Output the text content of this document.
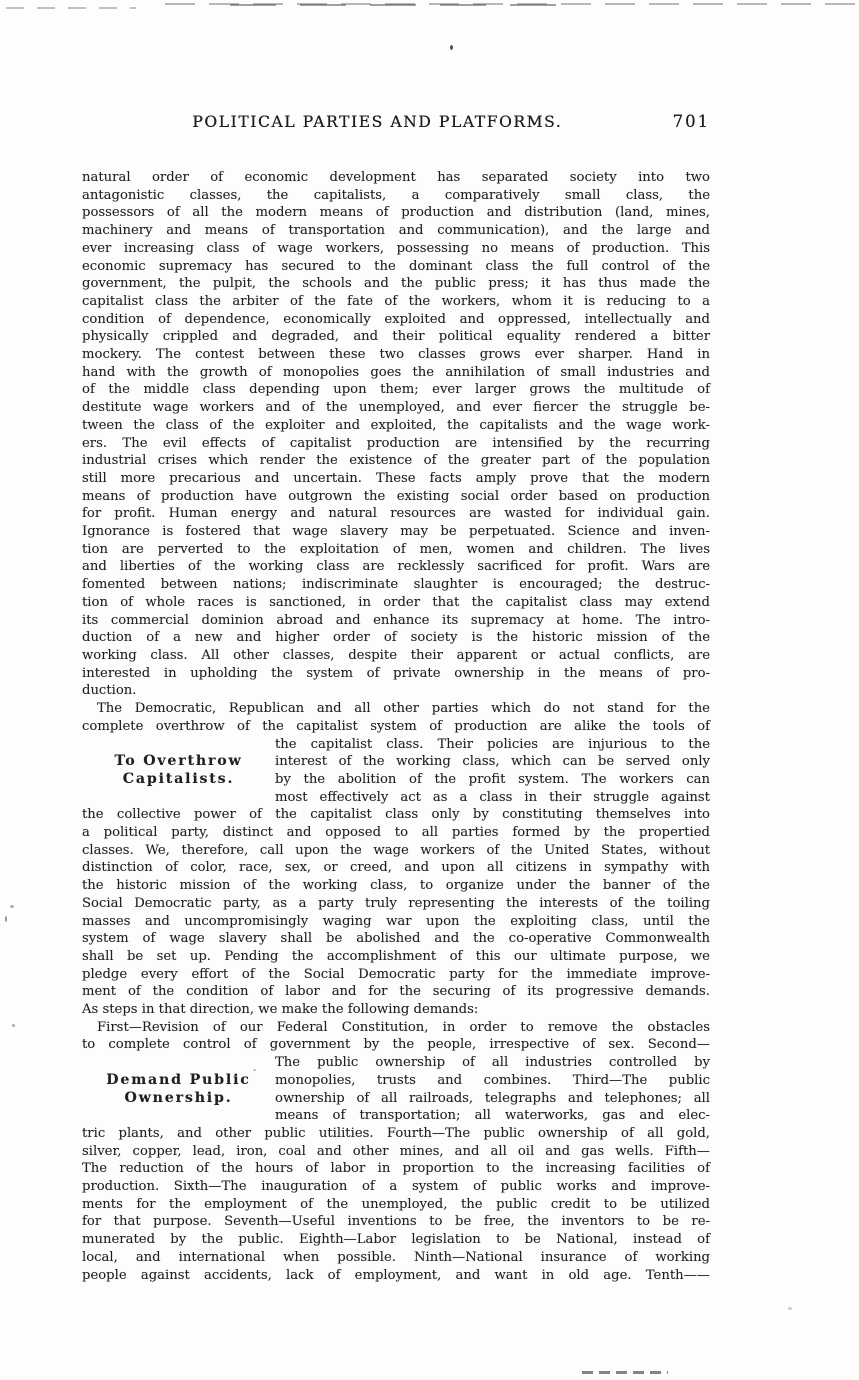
POLITICAL PARTIES AND PLATFORMS.	701
natural order of economic development has separated society into two
antagonistic classes, the capitalists, a comparatively small class, the
possessors of all the modern means of production and distribution (land, mines,
machinery and means of transportation and communication), and the large and
ever increasing class of wage workers, possessing no means of production. This
economic supremacy has secured to the dominant class the full control of the
government, the pulpit, the schools and the public press; it has thus made the
capitalist class the arbiter of the fate of the workers, whom it is reducing to a
condition of dependence, economically exploited and oppressed, intellectually and
physically crippled and degraded, and their political equality rendered a bitter
mockery. The contest between these two classes grows ever sharper. Hand in
hand with the growth of monopolies goes the annihilation of small industries and
of the middle class depending upon them; ever larger grows the multitude of
destitute wage workers and of the unemployed, and ever fiercer the struggle be-
tween the class of the exploiter and exploited, the capitalists and the wage work-
ers. The evil effects of capitalist production are intensified by the recurring
industrial crises which render the existence of the greater part of the population
still more precarious and uncertain. These facts amply prove that the modern
means of production have outgrown the existing social order based on production
for profit. Human energy and natural resources are wasted for individual gain.
Ignorance is fostered that wage slavery may be perpetuated. Science and inven-
tion are perverted to the exploitation of men, women and children. The lives
and liberties of the working class are recklessly sacrificed for profit. Wars are
fomented between nations; indiscriminate slaughter is encouraged; the destruc-
tion of whole races is sanctioned, in order that the capitalist class may extend
its commercial dominion abroad and enhance its supremacy at home. The intro-
duction of a new and higher order of society is the historic mission of the
working class. All other classes, despite their apparent or actual conflicts, are
interested in upholding the system of private ownership in the means of pro-
duction.
The Democratic, Republican and all other parties which do not stand for the
complete overthrow of the capitalist system of production are alike the tools of
To Overthrow
Capitalists.
the capitalist class. Their policies are injurious to the
interest of the working class, which can be served only
by the abolition of the profit system. The workers can
most effectively act as a class in their struggle against
the collective power of the capitalist class only by constituting themselves into
a political party, distinct and opposed to all parties formed by the propertied
classes. We, therefore, call upon the wage workers of the United States, without
distinction of color, race, sex, or creed, and upon all citizens in sympathy with
the historic mission of the working class, to organize under the banner of the
Social Democratic party, as a party truly representing the interests of the toiling
masses and uncompromisingly waging war upon the exploiting class, until the
system of wage slavery shall be abolished and the co-operative Commonwealth
shall be set up. Pending the accomplishment of this our ultimate purpose, we
pledge every effort of the Social Democratic party for the immediate improve-
ment of the condition of labor and for the securing of its progressive demands.
As steps in that direction, we make the following demands:
First—Revision of our Federal Constitution, in order to remove the obstacles
to complete control of government by the people, irrespective of sex. Second—
Demand Public
Ownership.
The public ownership of all industries controlled by
monopolies, trusts and combines. Third—The public
ownership of all railroads, telegraphs and telephones; all
means of transportation; all waterworks, gas and elec-
tric plants, and other public utilities. Fourth—The public ownership of all gold,
silver, copper, lead, iron, coal and other mines, and all oil and gas wells. Fifth—
The reduction of the hours of labor in proportion to the increasing facilities of
production. Sixth—The inauguration of a system of public works and improve-
ments for the employment of the unemployed, the public credit to be utilized
for that purpose. Seventh—Useful inventions to be free, the inventors to be re-
munerated by the public. Eighth—Labor legislation to be National, instead of
local, and international when possible. Ninth—National insurance of working
people against accidents, lack of employment, and want in old age. Tenth——
